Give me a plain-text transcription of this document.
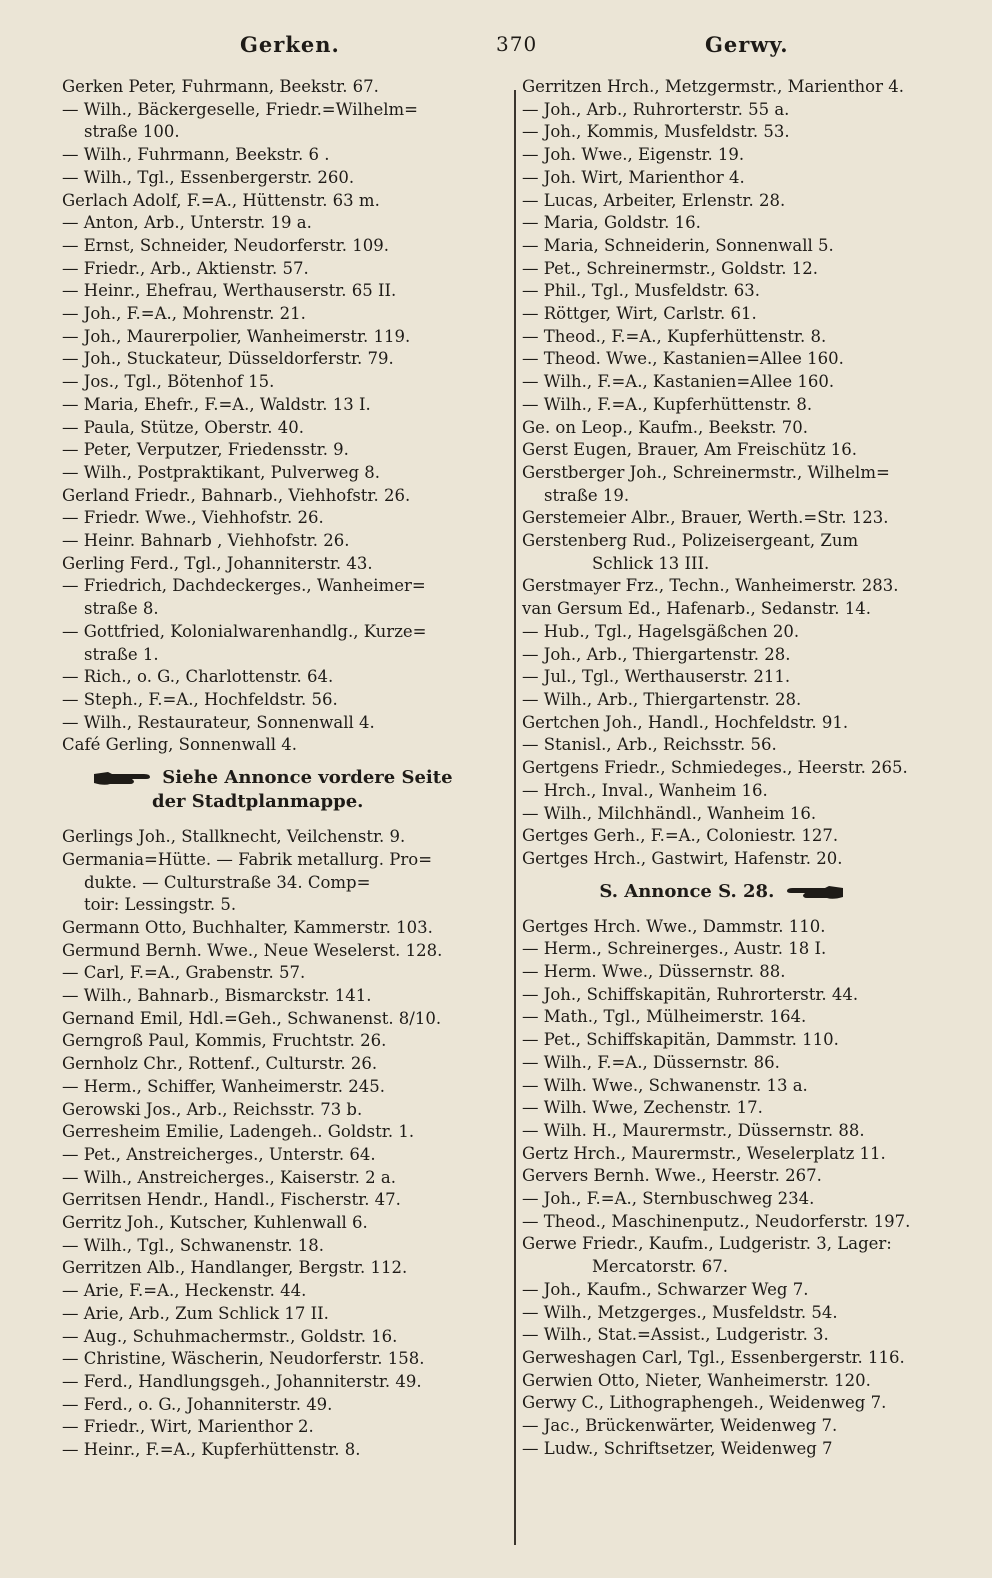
Gerken.	370	Gerwy.
Gerken Peter, Fuhrmann, Beekstr. 67.
— Wilh., Bäckergeselle, Friedr.=Wilhelm=
straße 100.
— Wilh., Fuhrmann, Beekstr. 6 .
— Wilh., Tgl., Essenbergerstr. 260.
Gerlach Adolf, F.=A., Hüttenstr. 63 m.
— Anton, Arb., Unterstr. 19 a.
— Ernst, Schneider, Neudorferstr. 109.
— Friedr., Arb., Aktienstr. 57.
— Heinr., Ehefrau, Werthauserstr. 65 II.
— Joh., F.=A., Mohrenstr. 21.
— Joh., Maurerpolier, Wanheimerstr. 119.
— Joh., Stuckateur, Düsseldorferstr. 79.
— Jos., Tgl., Bötenhof 15.
— Maria, Ehefr., F.=A., Waldstr. 13 I.
— Paula, Stütze, Oberstr. 40.
— Peter, Verputzer, Friedensstr. 9.
— Wilh., Postpraktikant, Pulverweg 8.
Gerland Friedr., Bahnarb., Viehhofstr. 26.
— Friedr. Wwe., Viehhofstr. 26.
— Heinr. Bahnarb , Viehhofstr. 26.
Gerling Ferd., Tgl., Johanniterstr. 43.
— Friedrich, Dachdeckerges., Wanheimer=
straße 8.
— Gottfried, Kolonialwarenhandlg., Kurze=
straße 1.
— Rich., o. G., Charlottenstr. 64.
— Steph., F.=A., Hochfeldstr. 56.
— Wilh., Restaurateur, Sonnenwall 4.
Café Gerling, Sonnenwall 4.
Siehe Annonce vordere Seite
der Stadtplanmappe.
Gerlings Joh., Stallknecht, Veilchenstr. 9.
Germania=Hütte. — Fabrik metallurg. Pro=
dukte. — Culturstraße 34. Comp=
toir: Lessingstr. 5.
Germann Otto, Buchhalter, Kammerstr. 103.
Germund Bernh. Wwe., Neue Weselerst. 128.
— Carl, F.=A., Grabenstr. 57.
— Wilh., Bahnarb., Bismarckstr. 141.
Gernand Emil, Hdl.=Geh., Schwanenst. 8/10.
Gerngroß Paul, Kommis, Fruchtstr. 26.
Gernholz Chr., Rottenf., Culturstr. 26.
— Herm., Schiffer, Wanheimerstr. 245.
Gerowski Jos., Arb., Reichsstr. 73 b.
Gerresheim Emilie, Ladengeh.. Goldstr. 1.
— Pet., Anstreicherges., Unterstr. 64.
— Wilh., Anstreicherges., Kaiserstr. 2 a.
Gerritsen Hendr., Handl., Fischerstr. 47.
Gerritz Joh., Kutscher, Kuhlenwall 6.
— Wilh., Tgl., Schwanenstr. 18.
Gerritzen Alb., Handlanger, Bergstr. 112.
— Arie, F.=A., Heckenstr. 44.
— Arie, Arb., Zum Schlick 17 II.
— Aug., Schuhmachermstr., Goldstr. 16.
— Christine, Wäscherin, Neudorferstr. 158.
— Ferd., Handlungsgeh., Johanniterstr. 49.
— Ferd., o. G., Johanniterstr. 49.
— Friedr., Wirt, Marienthor 2.
— Heinr., F.=A., Kupferhüttenstr. 8.
Gerritzen Hrch., Metzgermstr., Marienthor 4.
— Joh., Arb., Ruhrorterstr. 55 a.
— Joh., Kommis, Musfeldstr. 53.
— Joh. Wwe., Eigenstr. 19.
— Joh. Wirt, Marienthor 4.
— Lucas, Arbeiter, Erlenstr. 28.
— Maria, Goldstr. 16.
— Maria, Schneiderin, Sonnenwall 5.
— Pet., Schreinermstr., Goldstr. 12.
— Phil., Tgl., Musfeldstr. 63.
— Röttger, Wirt, Carlstr. 61.
— Theod., F.=A., Kupferhüttenstr. 8.
— Theod. Wwe., Kastanien=Allee 160.
— Wilh., F.=A., Kastanien=Allee 160.
— Wilh., F.=A., Kupferhüttenstr. 8.
Ge. on Leop., Kaufm., Beekstr. 70.
Gerst Eugen, Brauer, Am Freischütz 16.
Gerstberger Joh., Schreinermstr., Wilhelm=
straße 19.
Gerstemeier Albr., Brauer, Werth.=Str. 123.
Gerstenberg Rud., Polizeisergeant, Zum
Schlick 13 III.
Gerstmayer Frz., Techn., Wanheimerstr. 283.
van Gersum Ed., Hafenarb., Sedanstr. 14.
— Hub., Tgl., Hagelsgäßchen 20.
— Joh., Arb., Thiergartenstr. 28.
— Jul., Tgl., Werthauserstr. 211.
— Wilh., Arb., Thiergartenstr. 28.
Gertchen Joh., Handl., Hochfeldstr. 91.
— Stanisl., Arb., Reichsstr. 56.
Gertgens Friedr., Schmiedeges., Heerstr. 265.
— Hrch., Inval., Wanheim 16.
— Wilh., Milchhändl., Wanheim 16.
Gertges Gerh., F.=A., Coloniestr. 127.
Gertges Hrch., Gastwirt, Hafenstr. 20.
S. Annonce S. 28.
Gertges Hrch. Wwe., Dammstr. 110.
— Herm., Schreinerges., Austr. 18 I.
— Herm. Wwe., Düssernstr. 88.
— Joh., Schiffskapitän, Ruhrorterstr. 44.
— Math., Tgl., Mülheimerstr. 164.
— Pet., Schiffskapitän, Dammstr. 110.
— Wilh., F.=A., Düssernstr. 86.
— Wilh. Wwe., Schwanenstr. 13 a.
— Wilh. Wwe, Zechenstr. 17.
— Wilh. H., Maurermstr., Düssernstr. 88.
Gertz Hrch., Maurermstr., Weselerplatz 11.
Gervers Bernh. Wwe., Heerstr. 267.
— Joh., F.=A., Sternbuschweg 234.
— Theod., Maschinenputz., Neudorferstr. 197.
Gerwe Friedr., Kaufm., Ludgeristr. 3, Lager:
Mercatorstr. 67.
— Joh., Kaufm., Schwarzer Weg 7.
— Wilh., Metzgerges., Musfeldstr. 54.
— Wilh., Stat.=Assist., Ludgeristr. 3.
Gerweshagen Carl, Tgl., Essenbergerstr. 116.
Gerwien Otto, Nieter, Wanheimerstr. 120.
Gerwy C., Lithographengeh., Weidenweg 7.
— Jac., Brückenwärter, Weidenweg 7.
— Ludw., Schriftsetzer, Weidenweg 7
